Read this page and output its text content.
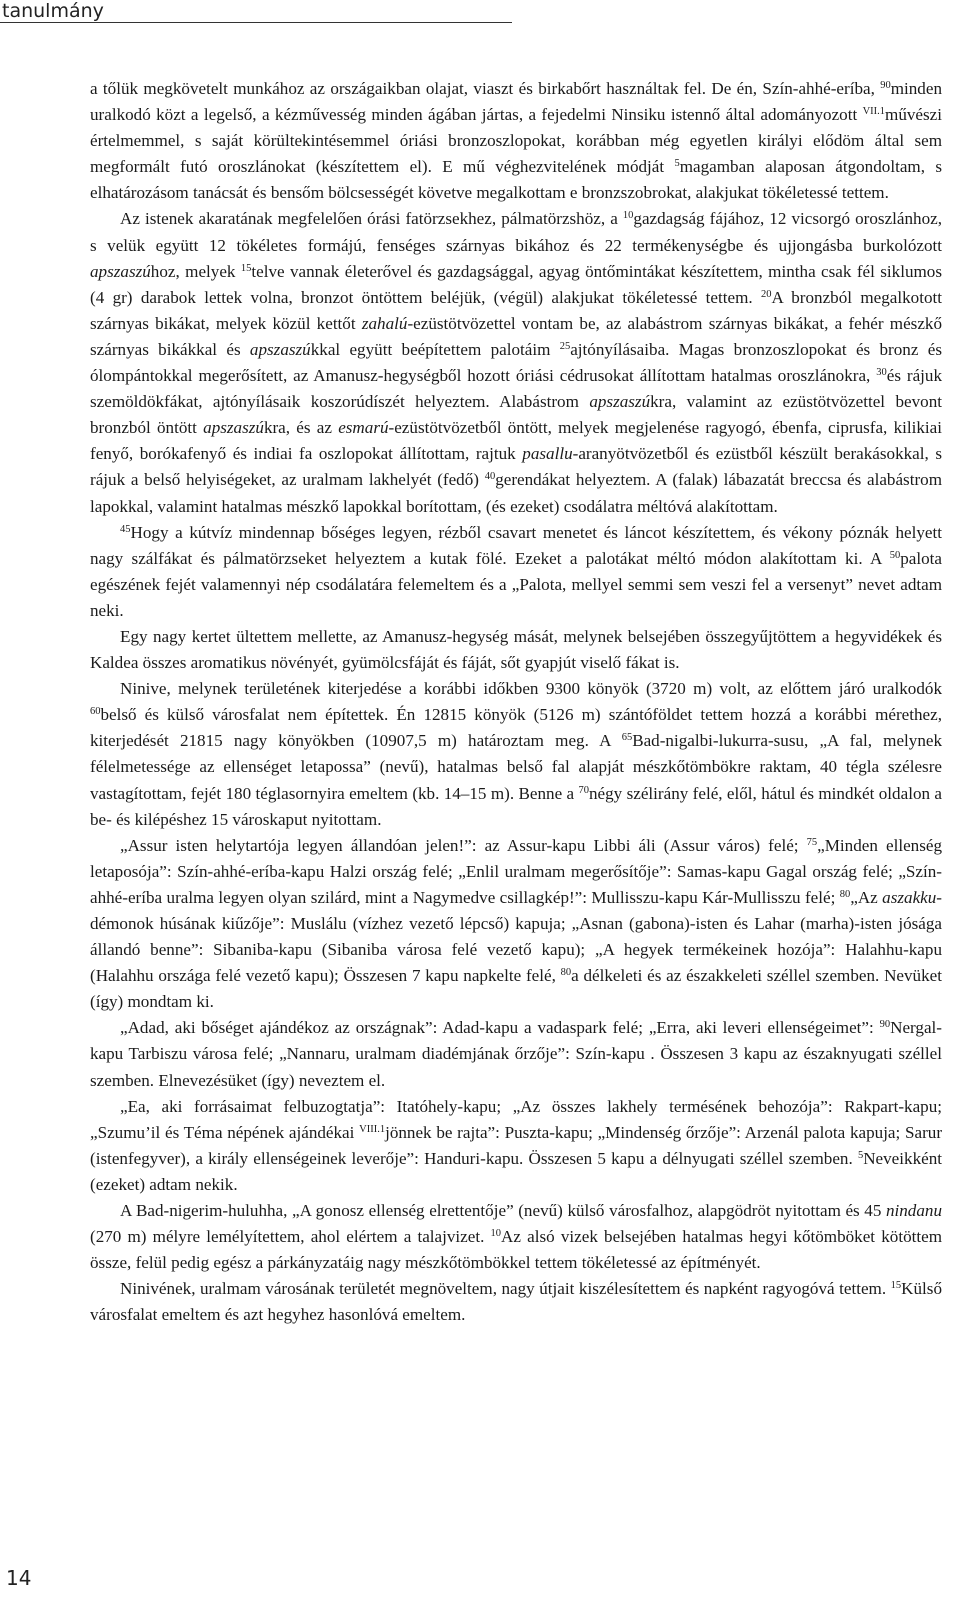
tanulmány

a tőlük megkövetelt munkához az országaikban olajat, viaszt és birkabőrt használtak fel. De én, Szín-ahhé-eríba, $^{90}$minden uralkodó közt a legelső, a kézművesség minden ágában jártas, a fejedelmi Ninsiku istennő által adományozott $^{VII.1}$művészi értelmemmel, s saját körültekintésemmel óriási bronzoszlopokat, korábban még egyetlen királyi elődöm által sem megformált futó oroszlánokat (készítettem el). E mű véghezvitelének módját $^5$magamban alaposan átgondoltam, s elhatározásom tanácsát és bensőm bölcsességét követve megalkottam e bronzszobrokat, alakjukat tökéletessé tettem.

Az istenek akaratának megfelelően órási fatörzsekhez, pálmatörzshöz, a $^{10}$gazdagság fájához, 12 vicsorgó oroszlánhoz, s velük együtt 12 tökéletes formájú, fenséges szárnyas bikához és 22 termékenységbe és ujjongásba burkolózott apszaszúhoz, melyek $^{15}$telve vannak életerővel és gazdagsággal, agyag öntőmintákat készítettem, mintha csak fél siklumos (4 gr) darabok lettek volna, bronzot öntöttem beléjük, (végül) alakjukat tökéletessé tettem. $^{20}$A bronzból megalkotott szárnyas bikákat, melyek közül kettőt zahalú-ezüstötvözettel vontam be, az alabástrom szárnyas bikákat, a fehér mészkő szárnyas bikákkal és apszaszúkkal együtt beépítettem palotáim $^{25}$ajtónyílásaiba. Magas bronzoszlopokat és bronz és ólompántokkal megerősített, az Amanusz-hegységből hozott óriási cédrusokat állítottam hatalmas oroszlánokra, $^{30}$és rájuk szemöldökfákat, ajtónyílásaik koszorúdíszét helyeztem. Alabástrom apszaszúkra, valamint az ezüstötvözettel bevont bronzból öntött apszaszúkra, és az esmarú-ezüstötvözetből öntött, melyek megjelenése ragyogó, ébenfa, ciprusfa, kilikiai fenyő, borókafenyő és indiai fa oszlopokat állítottam, rajtuk pasallu-aranyötvözetből és ezüstből készült berakásokkal, s rájuk a belső helyiségeket, az uralmam lakhelyét (fedő) $^{40}$gerendákat helyeztem. A (falak) lábazatát breccsa és alabástrom lapokkal, valamint hatalmas mészkő lapokkal borítottam, (és ezeket) csodálatra méltóvá alakítottam.

$^{45}$Hogy a kútvíz mindennap bőséges legyen, rézből csavart menetet és láncot készítettem, és vékony póznák helyett nagy szálfákat és pálmatörzseket helyeztem a kutak fölé. Ezeket a palotákat méltó módon alakítottam ki. A $^{50}$palota egészének fejét valamennyi nép csodálatára felemeltem és a „Palota, mellyel semmi sem veszi fel a versenyt” nevet adtam neki.

Egy nagy kertet ültettem mellette, az Amanusz-hegység mását, melynek belsejében összegyűjtöttem a hegyvidékek és Kaldea összes aromatikus növényét, gyümölcsfáját és fáját, sőt gyapjút viselő fákat is.

Ninive, melynek területének kiterjedése a korábbi időkben 9300 könyök (3720 m) volt, az előttem járó uralkodók $^{60}$belső és külső városfalat nem építettek. Én 12815 könyök (5126 m) szántóföldet tettem hozzá a korábbi mérethez, kiterjedését 21815 nagy könyökben (10907,5 m) határoztam meg. A $^{65}$Bad-nigalbi-lukurra-susu, „A fal, melynek félelmetessége az ellenséget letapossa” (nevű), hatalmas belső fal alapját mészkőtömbökre raktam, 40 tégla szélesre vastagítottam, fejét 180 téglasornyira emeltem (kb. 14–15 m). Benne a $^{70}$négy szélirány felé, elől, hátul és mindkét oldalon a be- és kilépéshez 15 városkaput nyitottam.

„Assur isten helytartója legyen állandóan jelen!”: az Assur-kapu Libbi áli (Assur város) felé; $^{75}$„Minden ellenség letaposója”: Szín-ahhé-eríba-kapu Halzi ország felé; „Enlil uralmam megerősítője”: Samas-kapu Gagal ország felé; „Szín-ahhé-eríba uralma legyen olyan szilárd, mint a Nagymedve csillagkép!”: Mullisszu-kapu Kár-Mullisszu felé; $^{80}$„Az aszakku-démonok húsának kiűzője”: Muslálu (vízhez vezető lépcső) kapuja; „Asnan (gabona)-isten és Lahar (marha)-isten jósága állandó benne”: Sibaniba-kapu (Sibaniba városa felé vezető kapu); „A hegyek termékeinek hozója”: Halahhu-kapu (Halahhu országa felé vezető kapu); Összesen 7 kapu napkelte felé, $^{80}$a délkeleti és az északkeleti széllel szemben. Nevüket (így) mondtam ki.

„Adad, aki bőséget ajándékoz az országnak”: Adad-kapu a vadaspark felé; „Erra, aki leveri ellenségeimet”: $^{90}$Nergal-kapu Tarbiszu városa felé; „Nannaru, uralmam diadémjának őrzője”: Szín-kapu . Összesen 3 kapu az északnyugati széllel szemben. Elnevezésüket (így) neveztem el.

„Ea, aki forrásaimat felbuzogtatja”: Itatóhely-kapu; „Az összes lakhely termésének behozója”: Rakpart-kapu; „Szumu’il és Téma népének ajándékai $^{VIII.1}$jönnek be rajta”: Puszta-kapu; „Mindenség őrzője”: Arzenál palota kapuja; Sarur (istenfegyver), a király ellenségeinek leverője”: Handuri-kapu. Összesen 5 kapu a délnyugati széllel szemben. $^5$Neveikként (ezeket) adtam nekik.

A Bad-nigerim-huluhha, „A gonosz ellenség elrettentője” (nevű) külső városfalhoz, alapgödröt nyitottam és 45 nindanu (270 m) mélyre lemélyítettem, ahol elértem a talajvizet. $^{10}$Az alsó vizek belsejében hatalmas hegyi kőtömböket kötöttem össze, felül pedig egész a párkányzatáig nagy mészkőtömbökkel tettem tökéletessé az építményét.

Ninivének, uralmam városának területét megnöveltem, nagy útjait kiszélesítettem és napként ragyogóvá tettem. $^{15}$Külső városfalat emeltem és azt hegyhez hasonlóvá emeltem.

14
